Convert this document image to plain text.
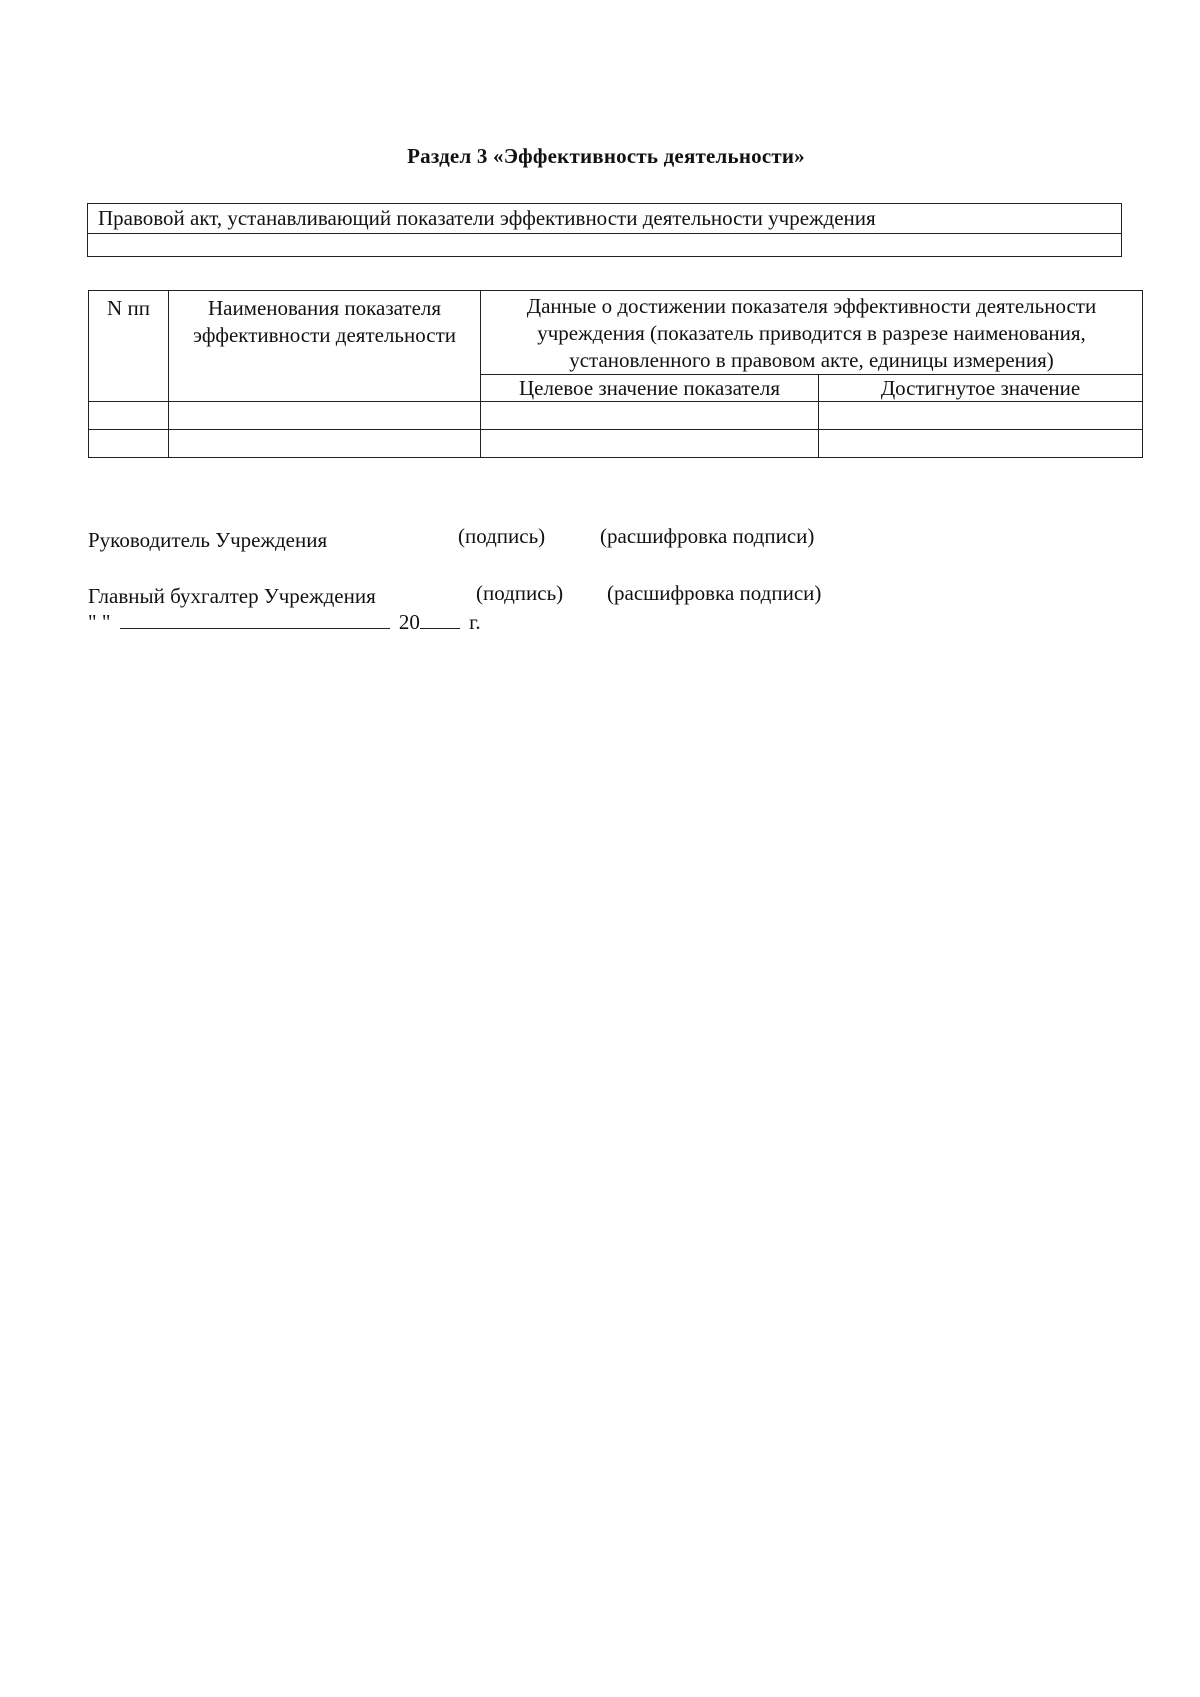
Раздел 3 «Эффективность деятельности»
Правовой акт, устанавливающий показатели эффективности деятельности учреждения

N пп	Наименования показателя эффективности деятельности	Данные о достижении показателя эффективности деятельности учреждения (показатель приводится в разрезе наименования, установленного в правовом акте, единицы измерения)	
		Целевое значение показателя	Достигнутое значение

Руководитель Учреждения	(подпись)	(расшифровка подписи)
Главный бухгалтер Учреждения	(подпись) (расшифровка подписи)
" "	20 г.
